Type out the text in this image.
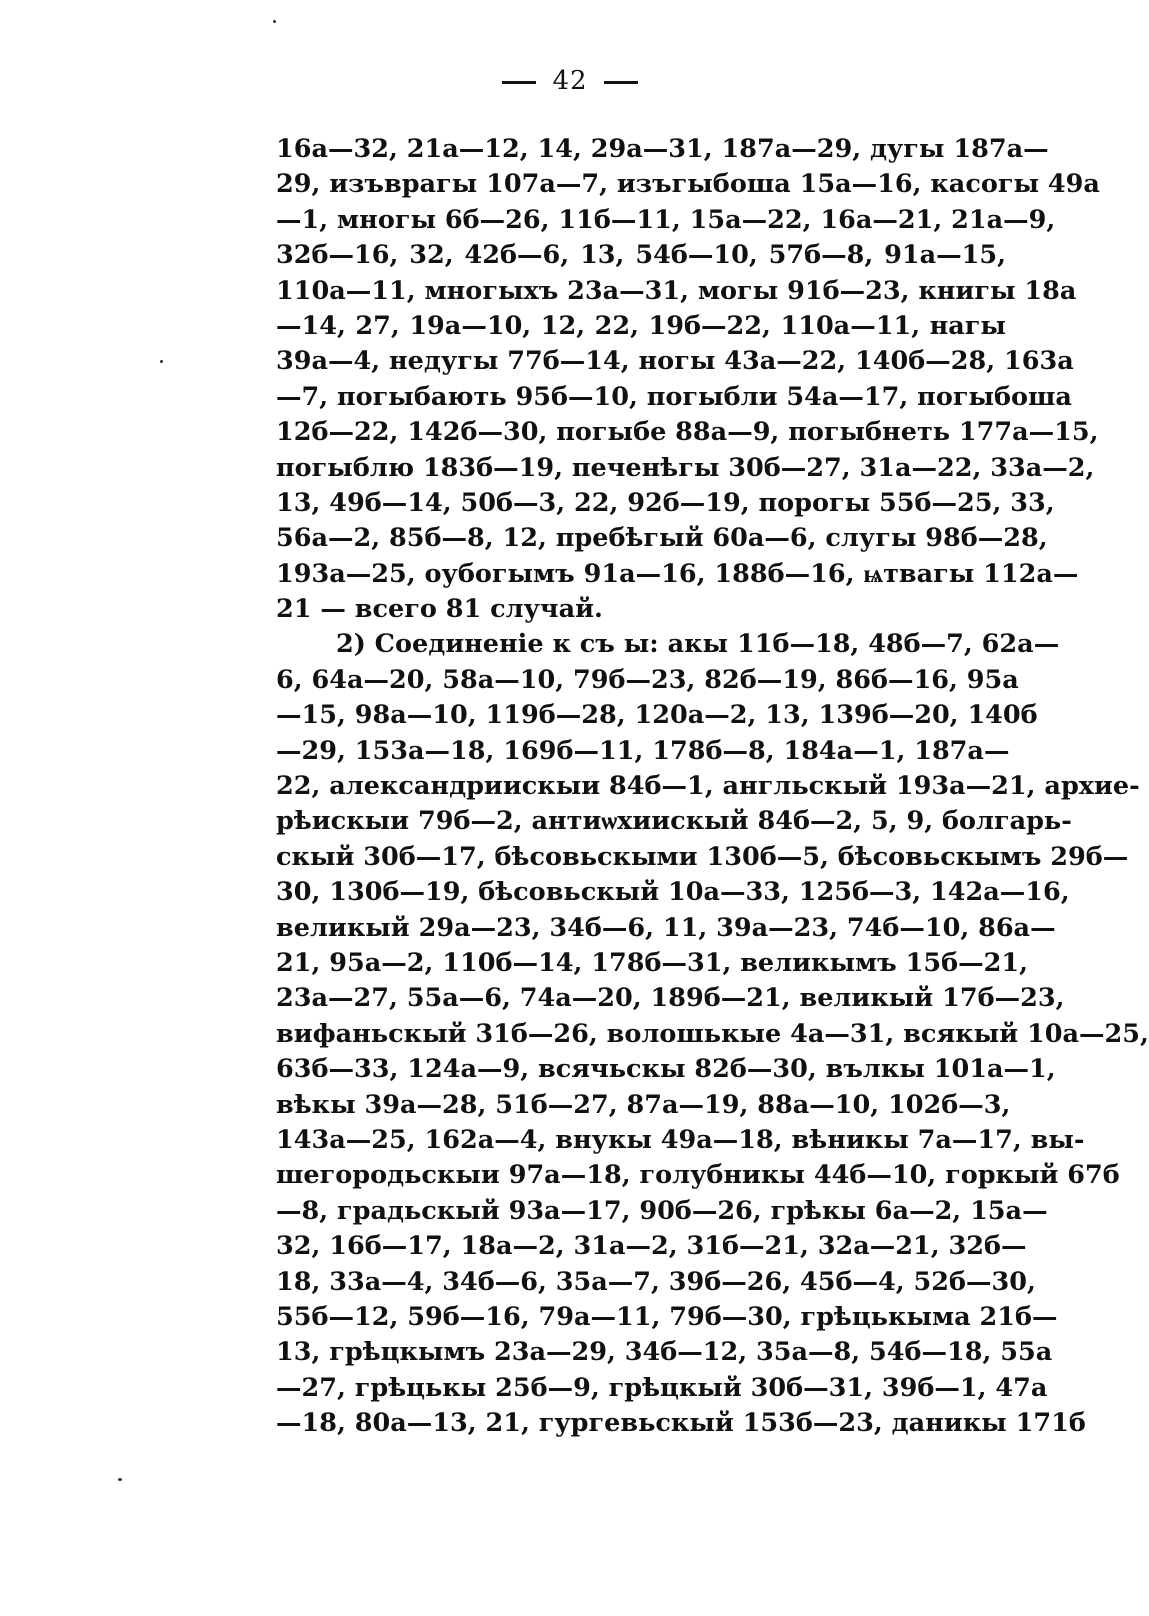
42
16а—32, 21а—12, 14, 29а—31, 187а—29, дугы 187а—
29, изъврагы 107а—7, изъгыбоша 15а—16, касогы 49а
—1, многы 6б—26, 11б—11, 15а—22, 16а—21, 21а—9,
32б—16, 32, 42б—6, 13, 54б—10, 57б—8, 91а—15,
110а—11, многыхъ 23а—31, могы 91б—23, книгы 18а
—14, 27, 19а—10, 12, 22, 19б—22, 110а—11, нагы
39а—4, недугы 77б—14, ногы 43а—22, 140б—28, 163а
—7, погыбають 95б—10, погыбли 54а—17, погыбоша
12б—22, 142б—30, погыбе 88а—9, погыбнеть 177а—15,
погыблю 183б—19, печенѣгы 30б—27, 31а—22, 33а—2,
13, 49б—14, 50б—3, 22, 92б—19, порогы 55б—25, 33,
56а—2, 85б—8, 12, пребѣгый 60а—6, слугы 98б—28,
193а—25, оубогымъ 91а—16, 188б—16, ѩтвагы 112а—
21 — всего 81 случай.
2) Соединеніе к съ ы: акы 11б—18, 48б—7, 62а—
6, 64а—20, 58а—10, 79б—23, 82б—19, 86б—16, 95а
—15, 98а—10, 119б—28, 120а—2, 13, 139б—20, 140б
—29, 153а—18, 169б—11, 178б—8, 184а—1, 187а—
22, александриискыи 84б—1, англьскый 193а—21, архие-
рѣискыи 79б—2, антиѡхиискый 84б—2, 5, 9, болгарь-
скый 30б—17, бѣсовьскыми 130б—5, бѣсовьскымъ 29б—
30, 130б—19, бѣсовьскый 10а—33, 125б—3, 142а—16,
великый 29а—23, 34б—6, 11, 39а—23, 74б—10, 86а—
21, 95а—2, 110б—14, 178б—31, великымъ 15б—21,
23а—27, 55а—6, 74а—20, 189б—21, великый 17б—23,
вифаньскый 31б—26, волошькые 4а—31, всякый 10а—25,
63б—33, 124а—9, всячьскы 82б—30, вълкы 101а—1,
вѣкы 39а—28, 51б—27, 87а—19, 88а—10, 102б—3,
143а—25, 162а—4, внукы 49а—18, вѣникы 7а—17, вы-
шегородьскыи 97а—18, голубникы 44б—10, горкый 67б
—8, градьскый 93а—17, 90б—26, грѣкы 6а—2, 15а—
32, 16б—17, 18а—2, 31а—2, 31б—21, 32а—21, 32б—
18, 33а—4, 34б—6, 35а—7, 39б—26, 45б—4, 52б—30,
55б—12, 59б—16, 79а—11, 79б—30, грѣцькыма 21б—
13, грѣцкымъ 23а—29, 34б—12, 35а—8, 54б—18, 55а
—27, грѣцькы 25б—9, грѣцкый 30б—31, 39б—1, 47а
—18, 80а—13, 21, гургевьскый 153б—23, даникы 171б
